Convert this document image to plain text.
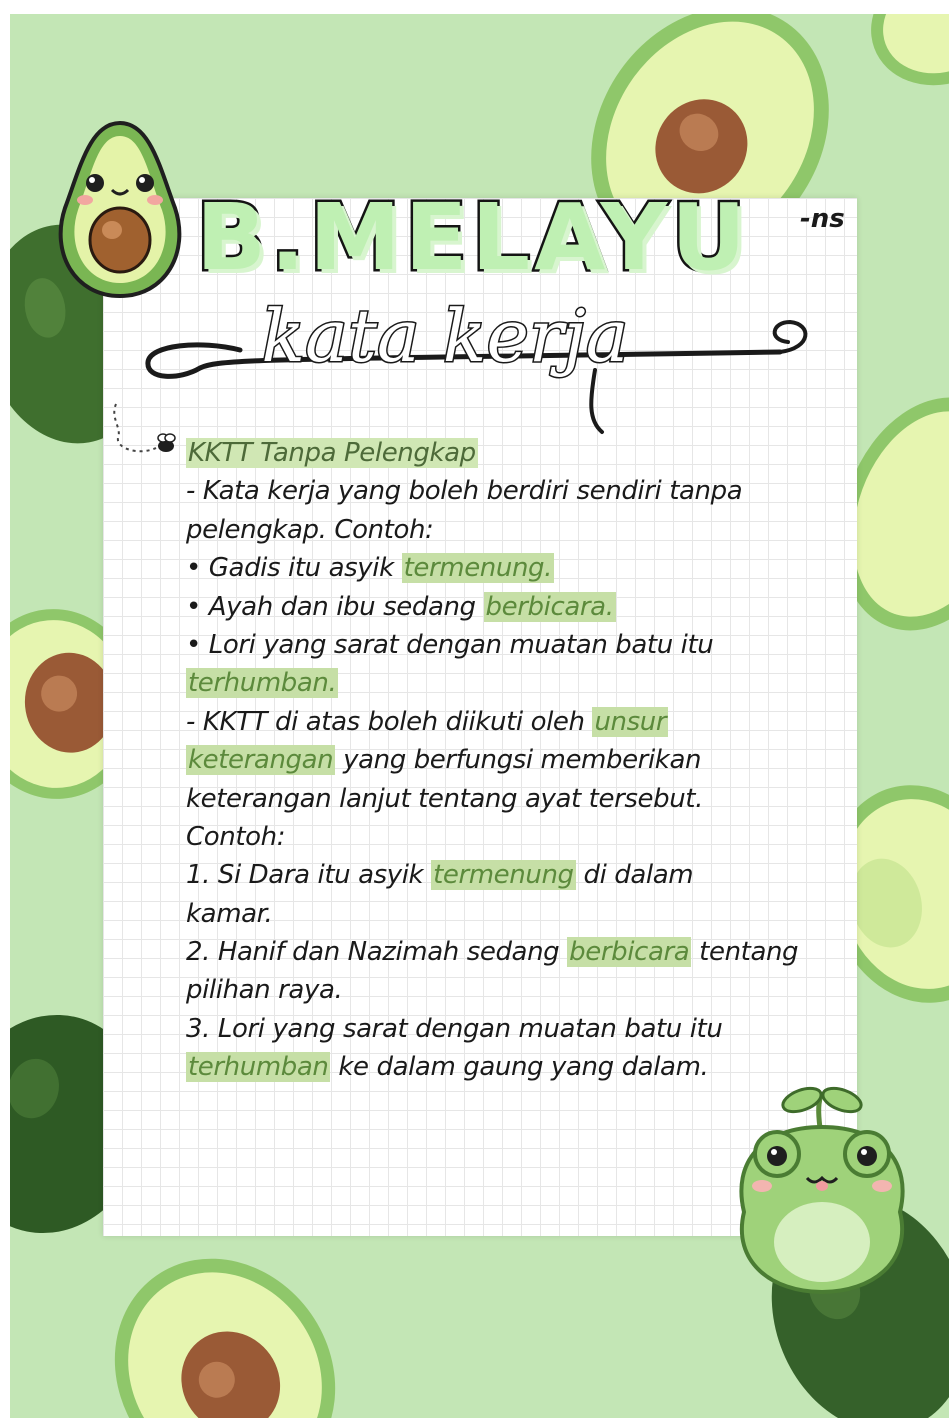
B.MELAYU -ns
kata kerja
KKTT Tanpa Pelengkap
- Kata kerja yang boleh berdiri sendiri tanpa
pelengkap. Contoh:
• Gadis itu asyik termenung.
• Ayah dan ibu sedang berbicara.
• Lori yang sarat dengan muatan batu itu
terhumban.
- KKTT di atas boleh diikuti oleh unsur
keterangan yang berfungsi memberikan
keterangan lanjut tentang ayat tersebut.
Contoh:
1. Si Dara itu asyik termenung di dalam
kamar.
2. Hanif dan Nazimah sedang berbicara tentang
pilihan raya.
3. Lori yang sarat dengan muatan batu itu
terhumban ke dalam gaung yang dalam.
